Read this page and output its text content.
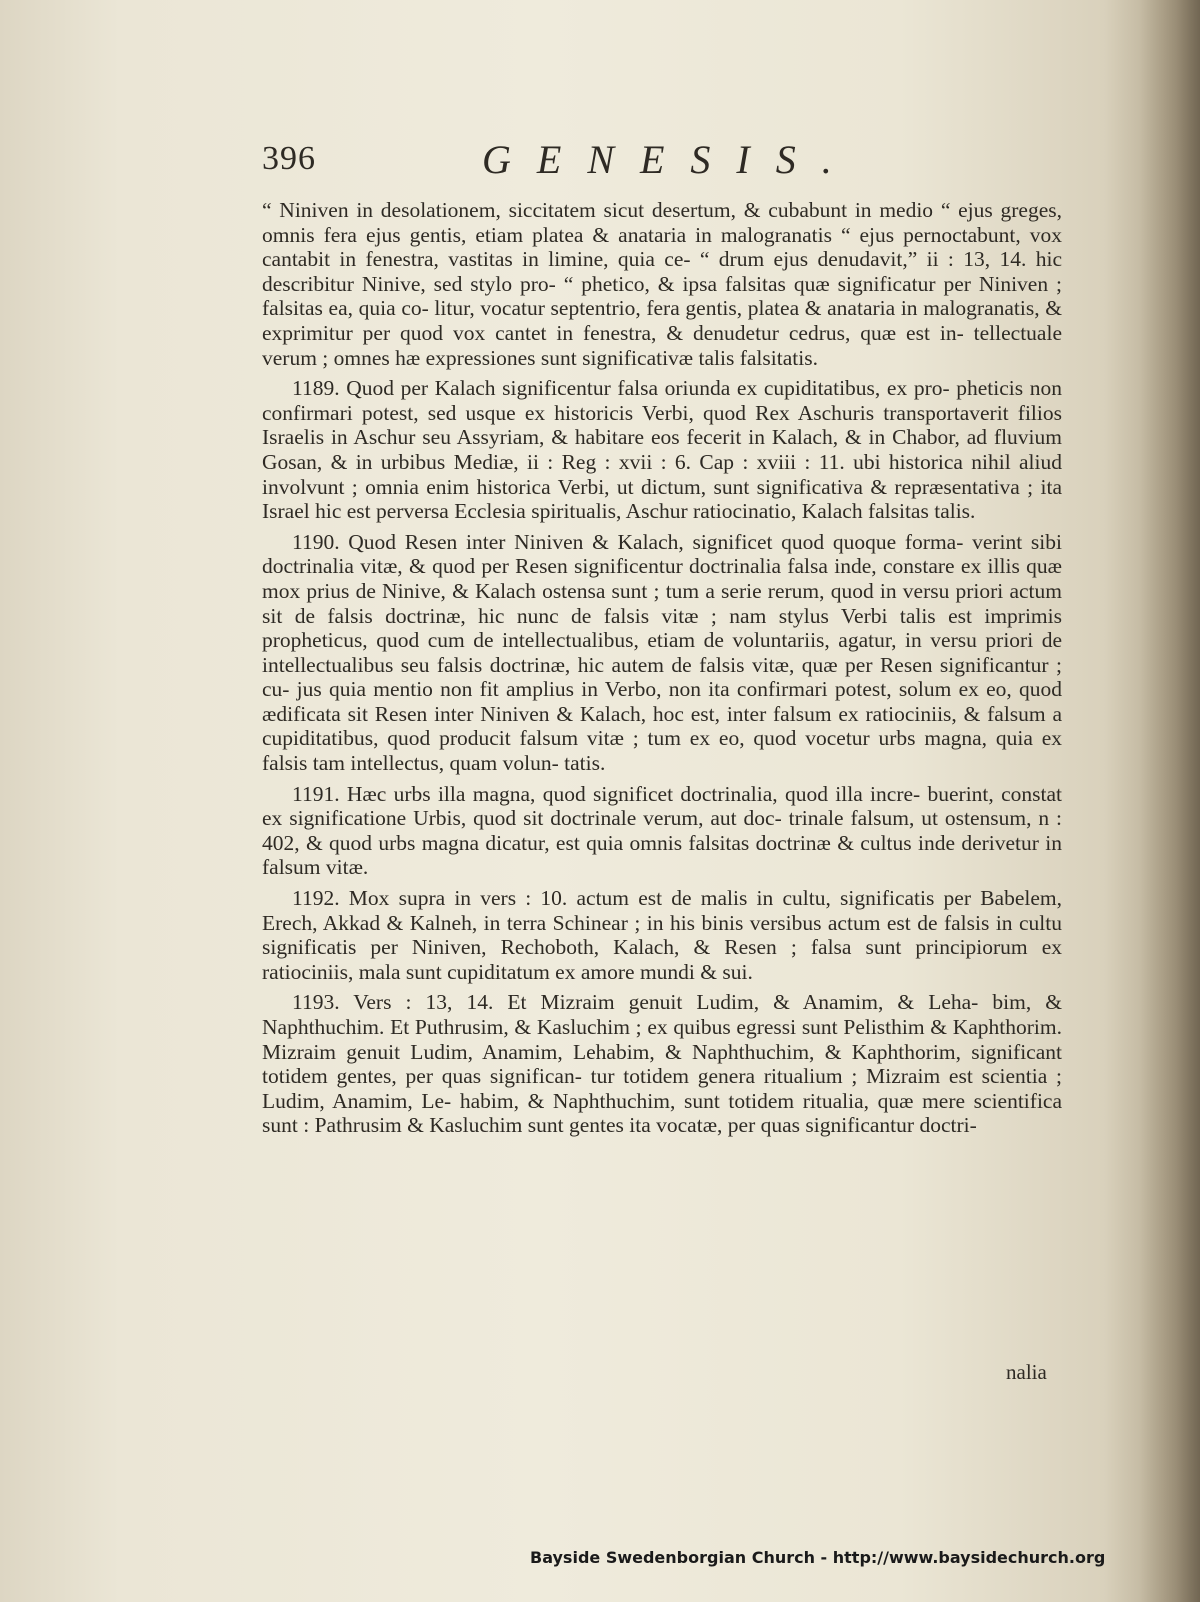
396	GENESIS.

“ Niniven in desolationem, siccitatem sicut desertum, & cubabunt in medio “ ejus greges, omnis fera ejus gentis, etiam platea & anataria in malogranatis “ ejus pernoctabunt, vox cantabit in fenestra, vastitas in limine, quia ce- “ drum ejus denudavit,” ii : 13, 14. hic describitur Ninive, sed stylo pro- “ phetico, & ipsa falsitas quæ significatur per Niniven ; falsitas ea, quia co- litur, vocatur septentrio, fera gentis, platea & anataria in malogranatis, & exprimitur per quod vox cantet in fenestra, & denudetur cedrus, quæ est in- tellectuale verum ; omnes hæ expressiones sunt significativæ talis falsitatis.

1189. Quod per Kalach significentur falsa oriunda ex cupiditatibus, ex pro- pheticis non confirmari potest, sed usque ex historicis Verbi, quod Rex Aschuris transportaverit filios Israelis in Aschur seu Assyriam, & habitare eos fecerit in Kalach, & in Chabor, ad fluvium Gosan, & in urbibus Mediæ, ii : Reg : xvii : 6. Cap : xviii : 11. ubi historica nihil aliud involvunt ; omnia enim historica Verbi, ut dictum, sunt significativa & repræsentativa ; ita Israel hic est perversa Ecclesia spiritualis, Aschur ratiocinatio, Kalach falsitas talis.

1190. Quod Resen inter Niniven & Kalach, significet quod quoque forma- verint sibi doctrinalia vitæ, & quod per Resen significentur doctrinalia falsa inde, constare ex illis quæ mox prius de Ninive, & Kalach ostensa sunt ; tum a serie rerum, quod in versu priori actum sit de falsis doctrinæ, hic nunc de falsis vitæ ; nam stylus Verbi talis est imprimis propheticus, quod cum de intellectualibus, etiam de voluntariis, agatur, in versu priori de intellectualibus seu falsis doctrinæ, hic autem de falsis vitæ, quæ per Resen significantur ; cu- jus quia mentio non fit amplius in Verbo, non ita confirmari potest, solum ex eo, quod ædificata sit Resen inter Niniven & Kalach, hoc est, inter falsum ex ratiociniis, & falsum a cupiditatibus, quod producit falsum vitæ ; tum ex eo, quod vocetur urbs magna, quia ex falsis tam intellectus, quam volun- tatis.

1191. Hæc urbs illa magna, quod significet doctrinalia, quod illa incre- buerint, constat ex significatione Urbis, quod sit doctrinale verum, aut doc- trinale falsum, ut ostensum, n : 402, & quod urbs magna dicatur, est quia omnis falsitas doctrinæ & cultus inde derivetur in falsum vitæ.

1192. Mox supra in vers : 10. actum est de malis in cultu, significatis per Babelem, Erech, Akkad & Kalneh, in terra Schinear ; in his binis versibus actum est de falsis in cultu significatis per Niniven, Rechoboth, Kalach, & Resen ; falsa sunt principiorum ex ratiociniis, mala sunt cupiditatum ex amore mundi & sui.

1193. Vers : 13, 14. Et Mizraim genuit Ludim, & Anamim, & Leha- bim, & Naphthuchim. Et Puthrusim, & Kasluchim ; ex quibus egressi sunt Pelisthim & Kaphthorim. Mizraim genuit Ludim, Anamim, Lehabim, & Naphthuchim, & Kaphthorim, significant totidem gentes, per quas significan- tur totidem genera ritualium ; Mizraim est scientia ; Ludim, Anamim, Le- habim, & Naphthuchim, sunt totidem ritualia, quæ mere scientifica sunt : Pathrusim & Kasluchim sunt gentes ita vocatæ, per quas significantur doctri-

nalia
Bayside Swedenborgian Church - http://www.baysidechurch.org
